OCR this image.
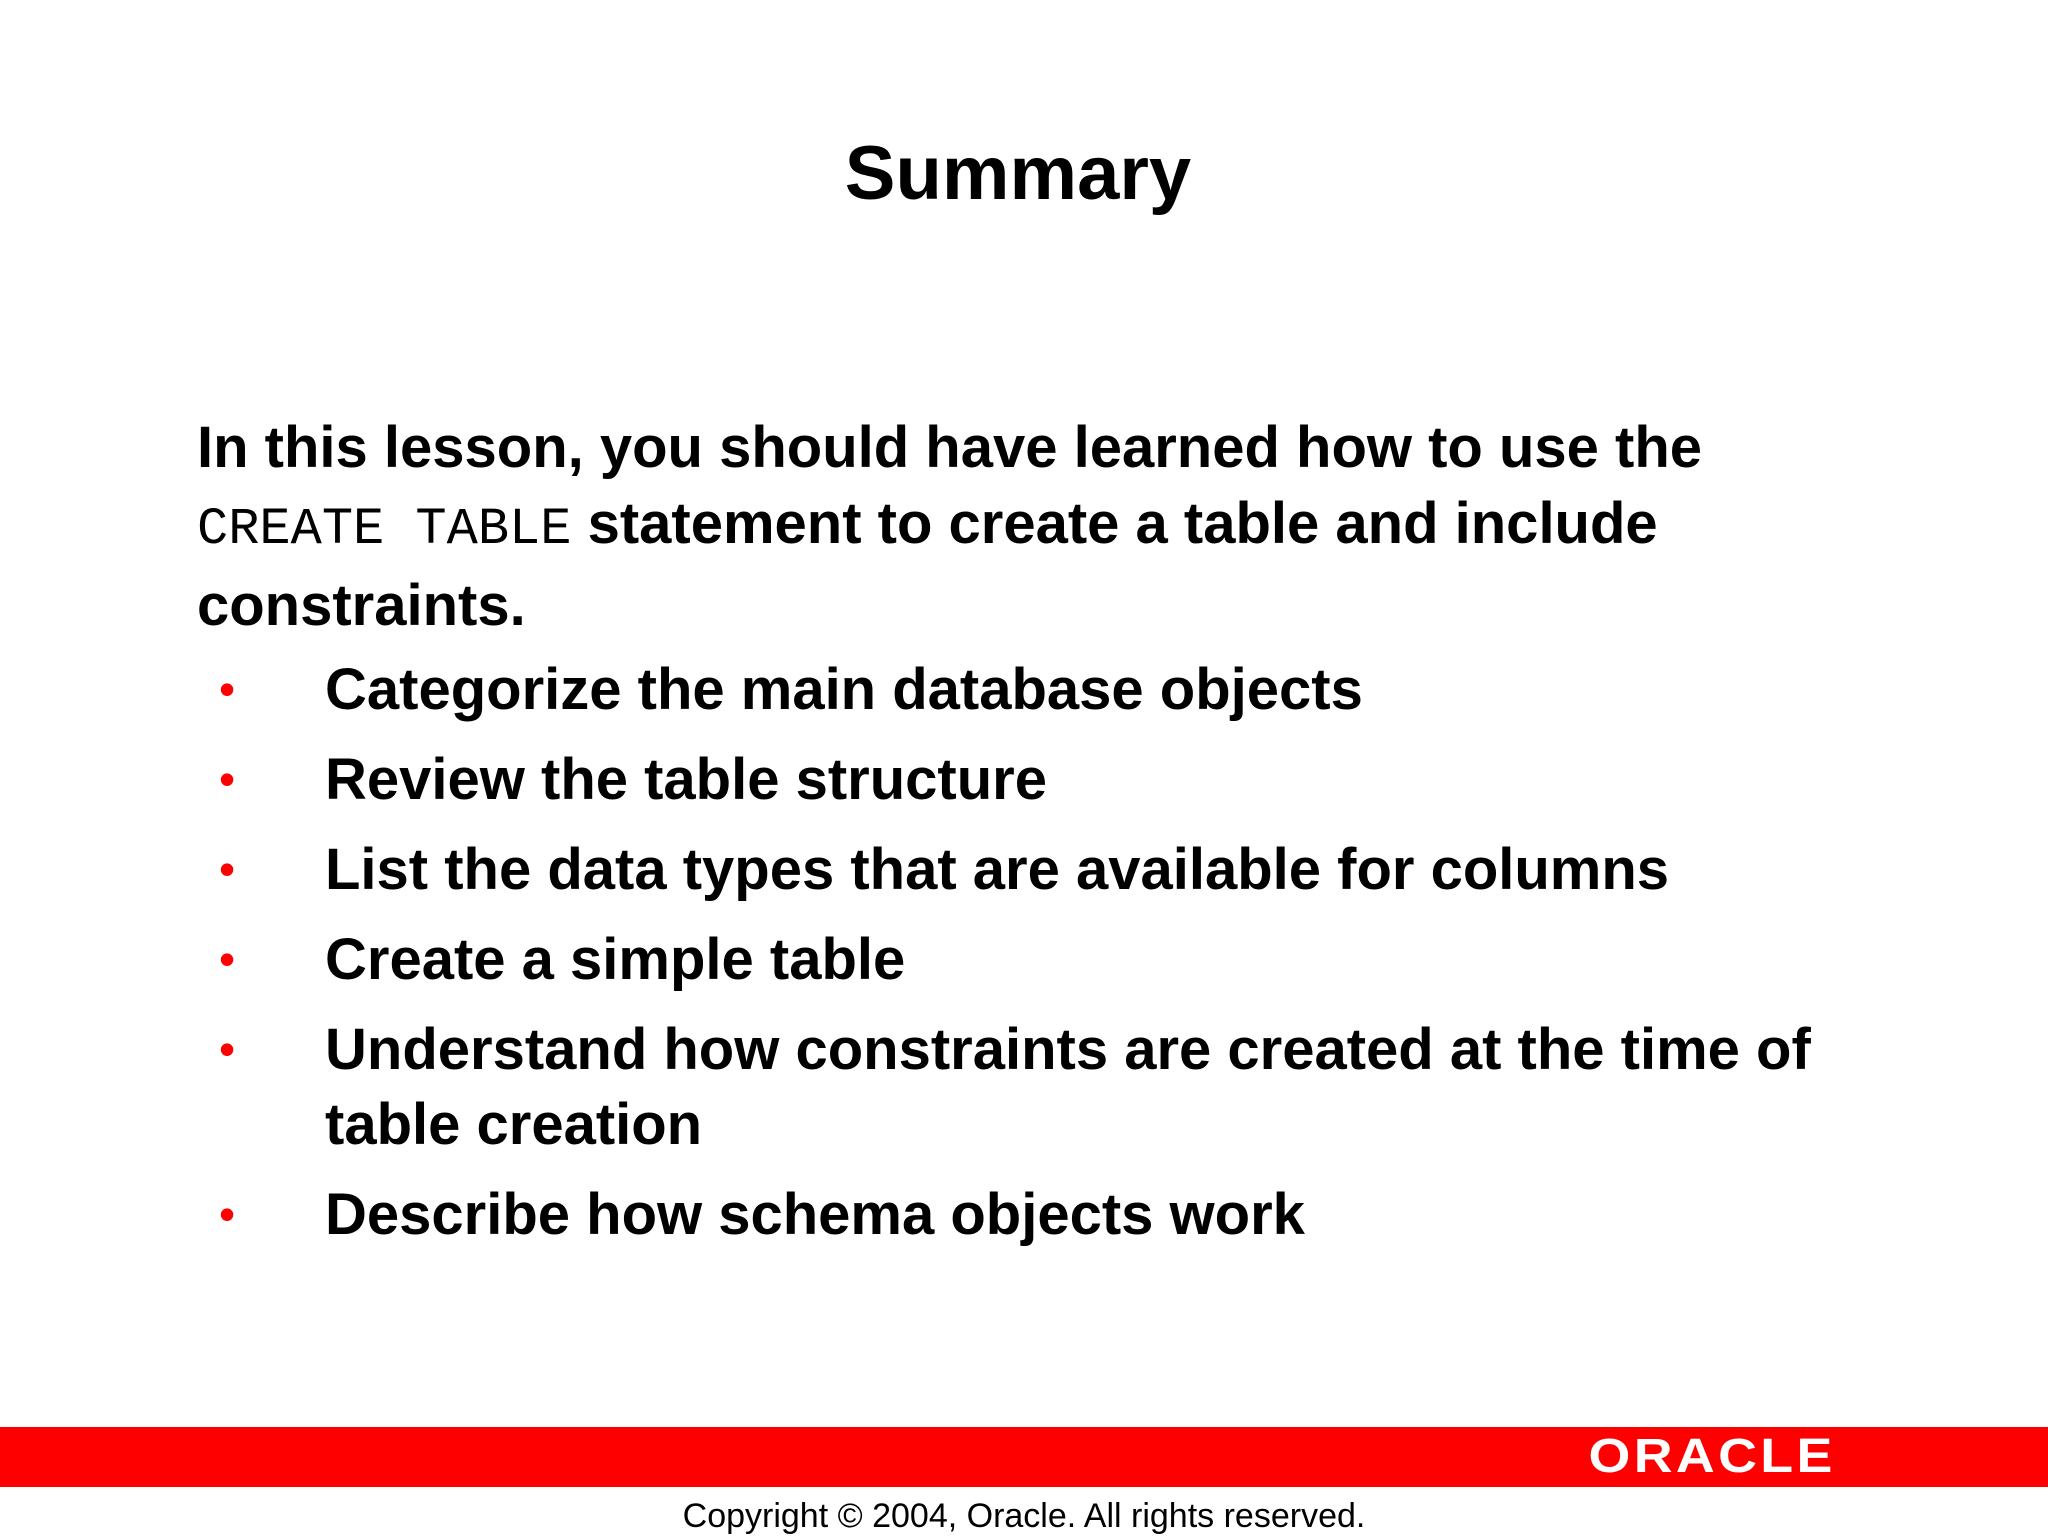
Summary
In this lesson, you should have learned how to use the CREATE TABLE statement to create a table and include constraints.
• Categorize the main database objects
• Review the table structure
• List the data types that are available for columns
• Create a simple table
• Understand how constraints are created at the time of table creation
• Describe how schema objects work
ORACLE
Copyright © 2004, Oracle. All rights reserved.
